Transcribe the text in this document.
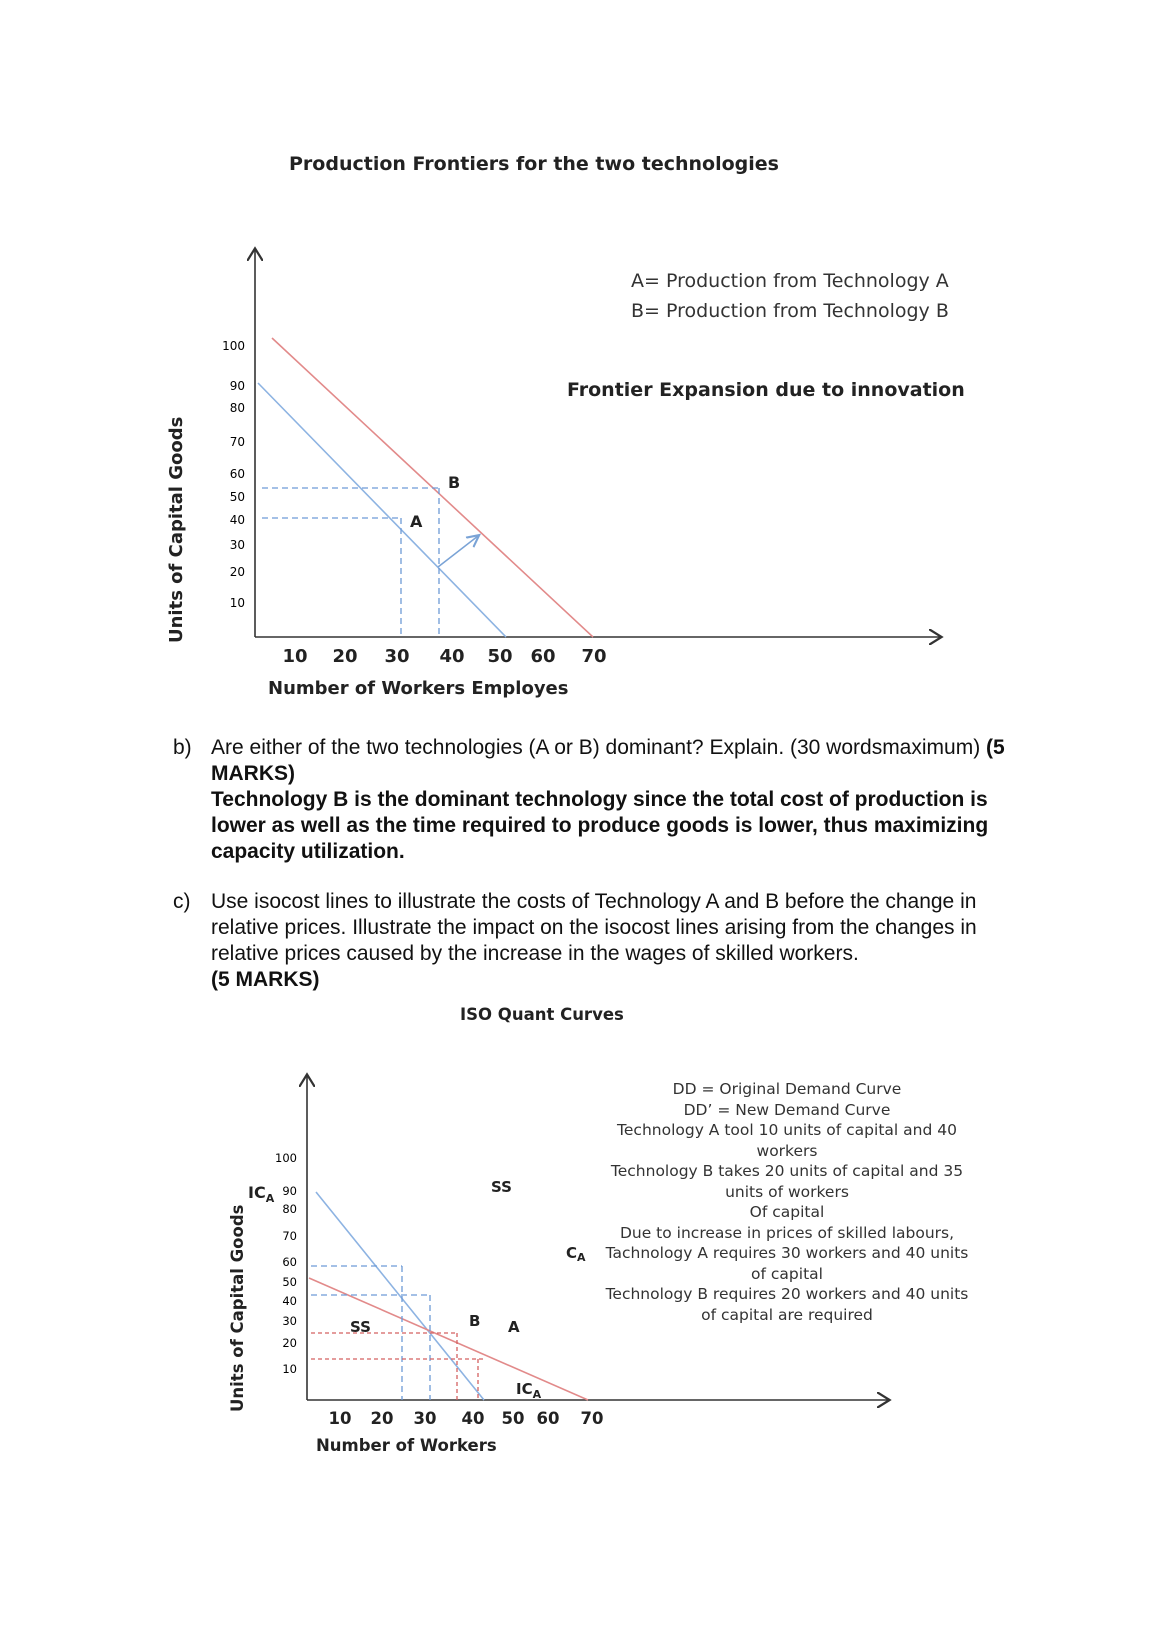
Production Frontiers for the two technologies
A= Production from Technology A
B= Production from Technology B
Frontier Expansion due to innovation
100
90
80
70
60
50
40
30
20
10
10 20 30 40 50 60 70
Number of Workers Employes
Units of Capital Goods	B
A
b) Are either of the two technologies (A or B) dominant? Explain. (30 wordsmaximum) (5 MARKS)
Technology B is the dominant technology since the total cost of production is lower as well as the time required to produce goods is lower, thus maximizing capacity utilization.
c) Use isocost lines to illustrate the costs of Technology A and B before the change in relative prices. Illustrate the impact on the isocost lines arising from the changes in relative prices caused by the increase in the wages of skilled workers.
(5 MARKS)
ISO Quant Curves
DD = Original Demand Curve
DD’ = New Demand Curve
Technology A tool 10 units of capital and 40
workers
Technology B takes 20 units of capital and 35
units of workers
Of capital
Due to increase in prices of skilled labours,
Tachnology A requires 30 workers and 40 units
of capital
Technology B requires 20 workers and 40 units
of capital are required
100
90
80
70
60
50
40
30
20
10
10 20 30 40 50 60 70
Number of Workers
Units of Capital Goods
$IC_A$
SS
$C_A$
SS	B A
$IC_A$
